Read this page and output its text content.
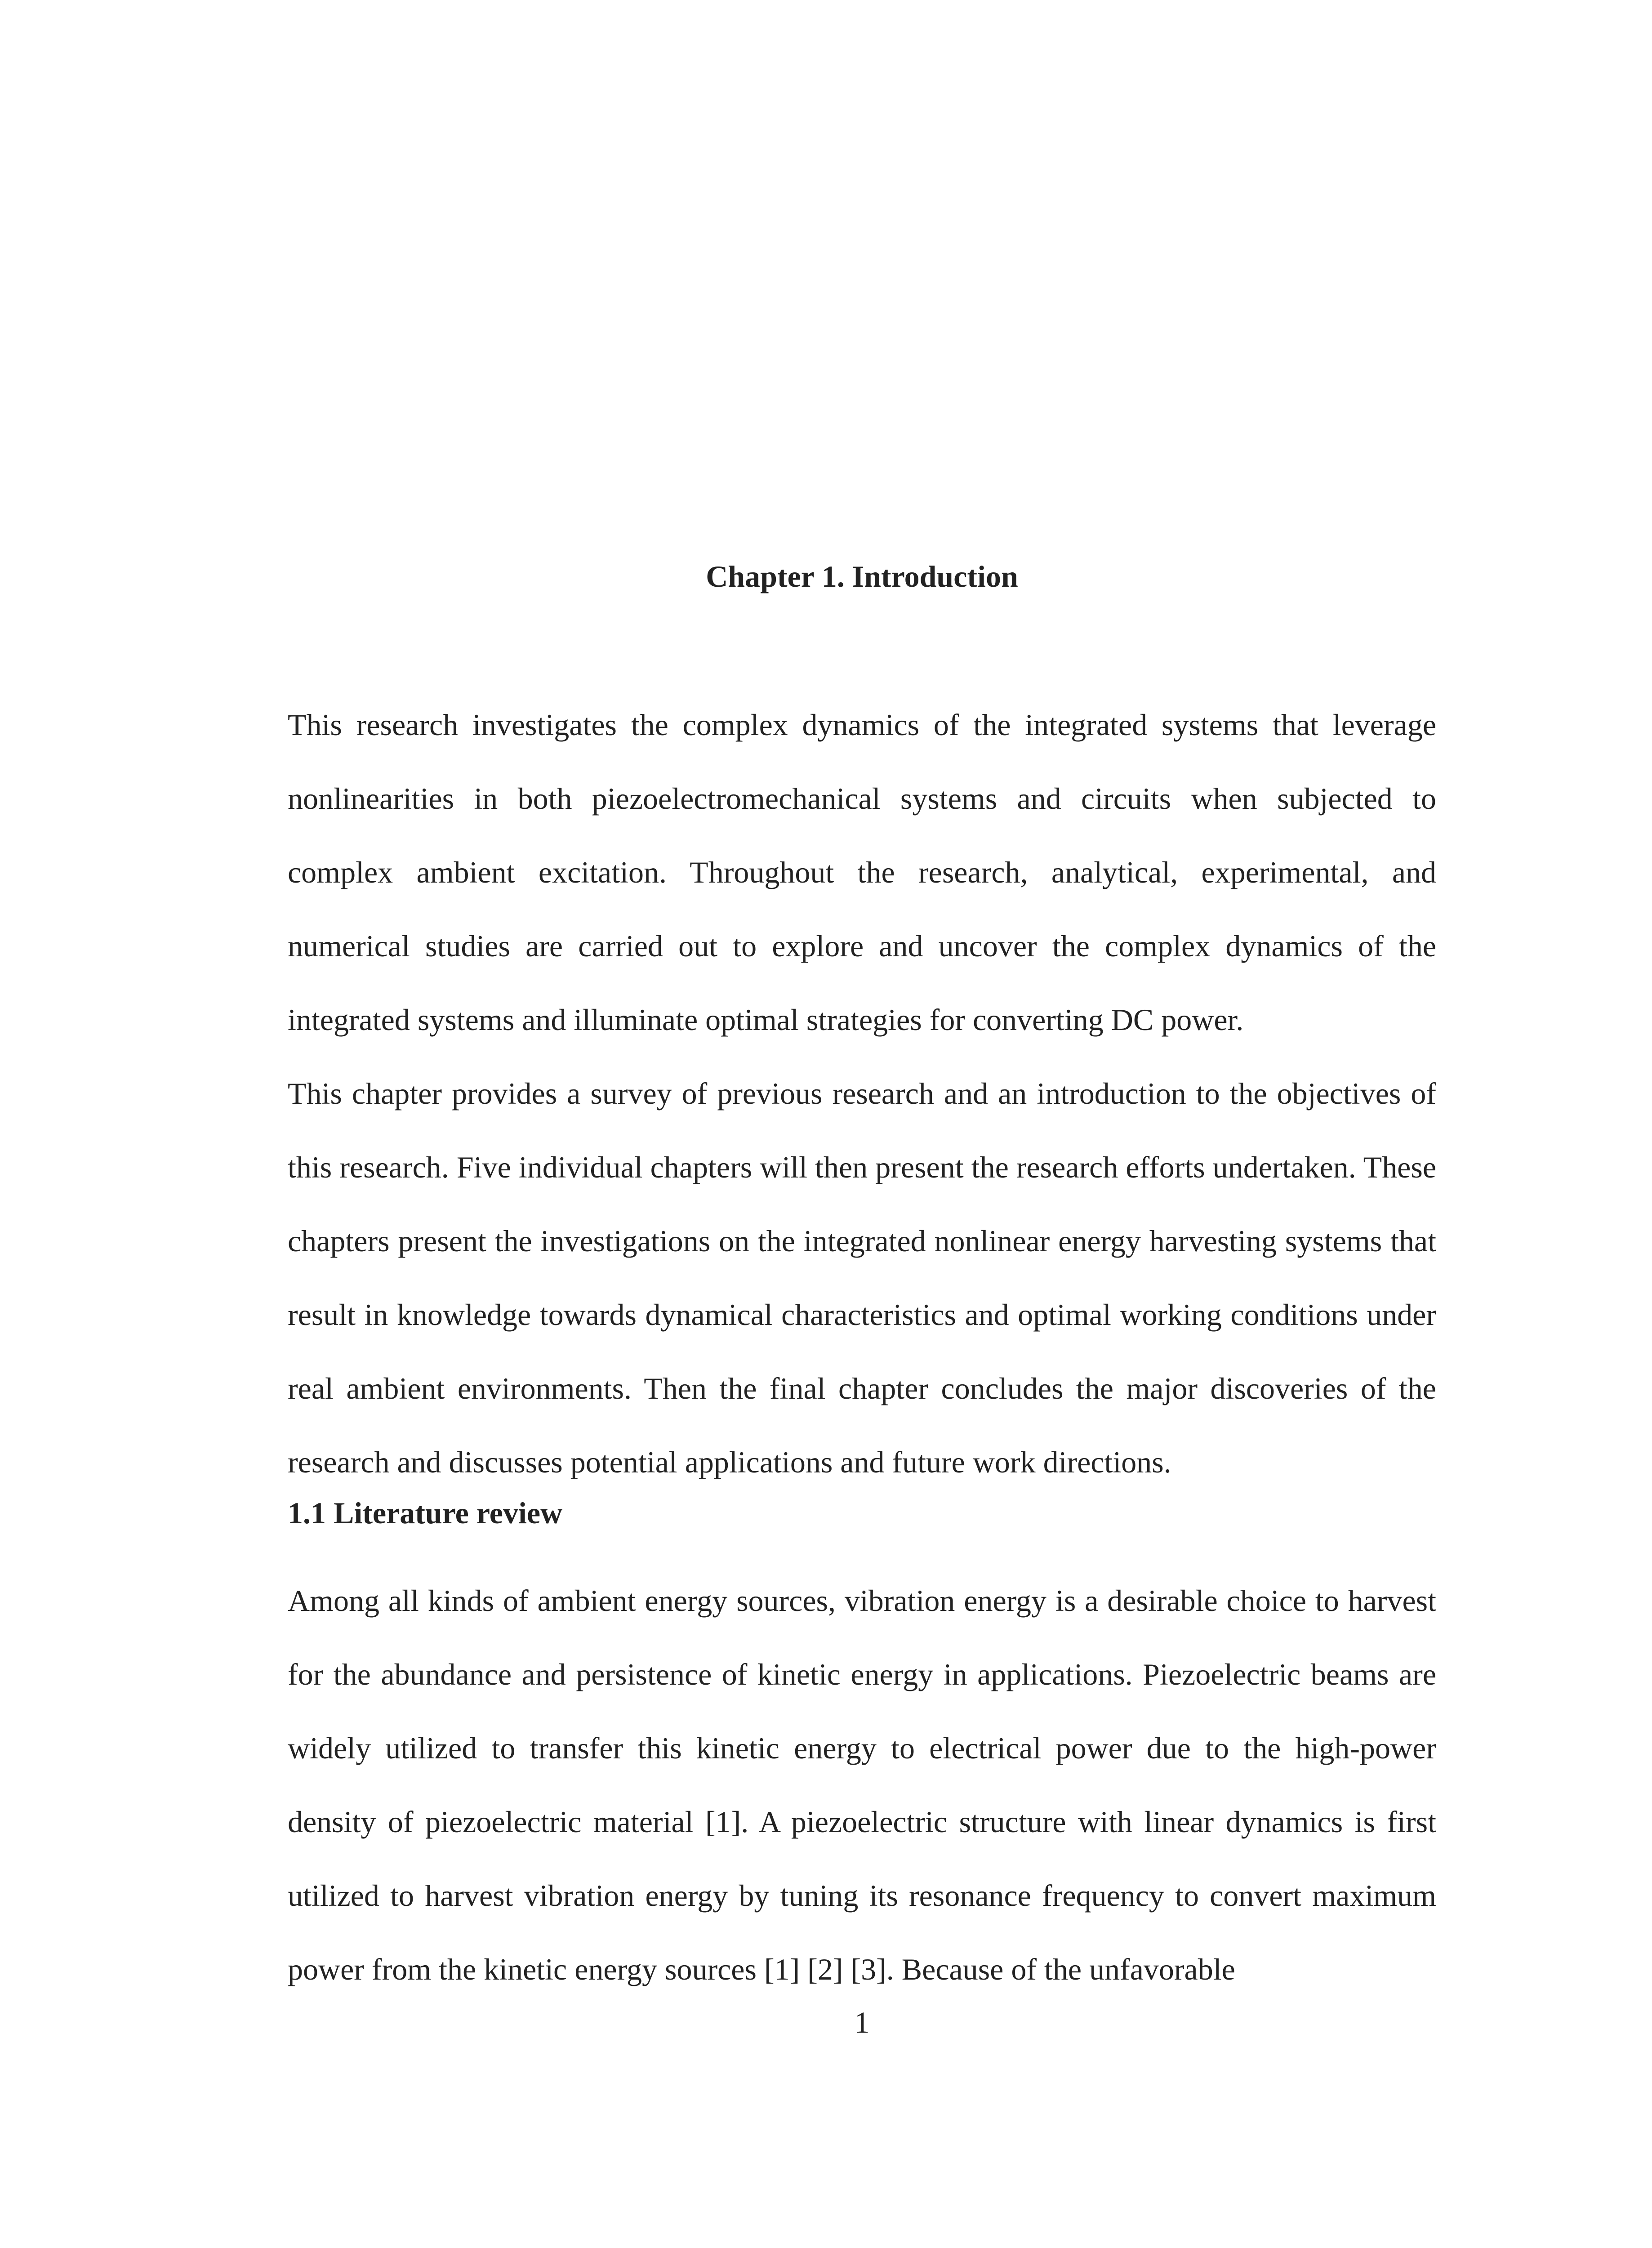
Chapter 1. Introduction

This research investigates the complex dynamics of the integrated systems that leverage nonlinearities in both piezoelectromechanical systems and circuits when subjected to complex ambient excitation. Throughout the research, analytical, experimental, and numerical studies are carried out to explore and uncover the complex dynamics of the integrated systems and illuminate optimal strategies for converting DC power.

This chapter provides a survey of previous research and an introduction to the objectives of this research. Five individual chapters will then present the research efforts undertaken. These chapters present the investigations on the integrated nonlinear energy harvesting systems that result in knowledge towards dynamical characteristics and optimal working conditions under real ambient environments. Then the final chapter concludes the major discoveries of the research and discusses potential applications and future work directions.

1.1 Literature review

Among all kinds of ambient energy sources, vibration energy is a desirable choice to harvest for the abundance and persistence of kinetic energy in applications. Piezoelectric beams are widely utilized to transfer this kinetic energy to electrical power due to the high-power density of piezoelectric material [1]. A piezoelectric structure with linear dynamics is first utilized to harvest vibration energy by tuning its resonance frequency to convert maximum power from the kinetic energy sources [1] [2] [3]. Because of the unfavorable

1
